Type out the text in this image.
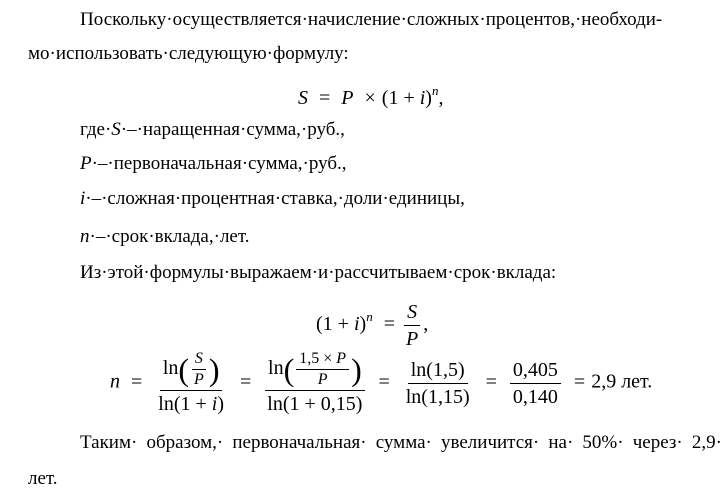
Поскольку·осуществляется·начисление·сложных·процентов,·необходи-
мо·использовать·следующую·формулу:
$S = P \times (1 + i)^n$,
где·S·–·наращенная·сумма,·руб.,
P·–·первоначальная·сумма,·руб.,
i·–·сложная·процентная·ставка,·доли·единицы,
n·–·срок·вклада,·лет.
Из·этой·формулы·выражаем·и·рассчитываем·срок·вклада:
$(1 + i)^n = \frac{S}{P}$ ,
$n = \frac{\ln( \frac{S}{P} )}{\ln(1 + i)} = \frac{\ln( \frac{1,5 \times P}{P} )}{\ln(1 + 0,15)} = \frac{\ln(1,5)}{\ln(1,15)} = \frac{0,405}{0,140} = 2,9$ лет.
Таким· образом,· первоначальная· сумма· увеличится· на· 50%· через· 2,9·
лет.
